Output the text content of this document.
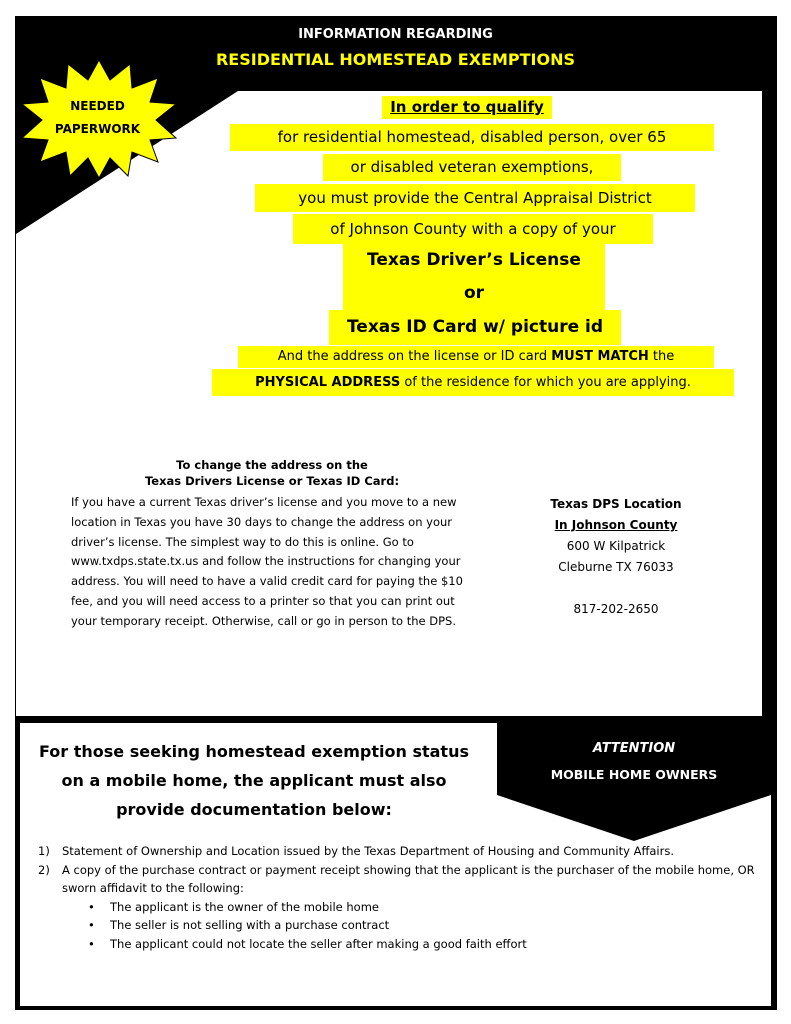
INFORMATION REGARDING
RESIDENTIAL HOMESTEAD EXEMPTIONS
NEEDED
PAPERWORK
In order to qualify
for residential homestead, disabled person, over 65
or disabled veteran exemptions,
you must provide the Central Appraisal District
of Johnson County with a copy of your
Texas Driver’s License
or
Texas ID Card w/ picture id
And the address on the license or ID card MUST MATCH the
PHYSICAL ADDRESS of the residence for which you are applying.
To change the address on the
Texas Drivers License or Texas ID Card:
If you have a current Texas driver’s license and you move to a new location in Texas you have 30 days to change the address on your driver’s license. The simplest way to do this is online. Go to www.txdps.state.tx.us and follow the instructions for changing your address. You will need to have a valid credit card for paying the $10 fee, and you will need access to a printer so that you can print out your temporary receipt. Otherwise, call or go in person to the DPS.
Texas DPS Location
In Johnson County
600 W Kilpatrick
Cleburne TX 76033
817-202-2650
For those seeking homestead exemption status
on a mobile home, the applicant must also
provide documentation below:
ATTENTION
MOBILE HOME OWNERS
1) Statement of Ownership and Location issued by the Texas Department of Housing and Community Affairs.
2) A copy of the purchase contract or payment receipt showing that the applicant is the purchaser of the mobile home, OR sworn affidavit to the following:
• The applicant is the owner of the mobile home
• The seller is not selling with a purchase contract
• The applicant could not locate the seller after making a good faith effort
